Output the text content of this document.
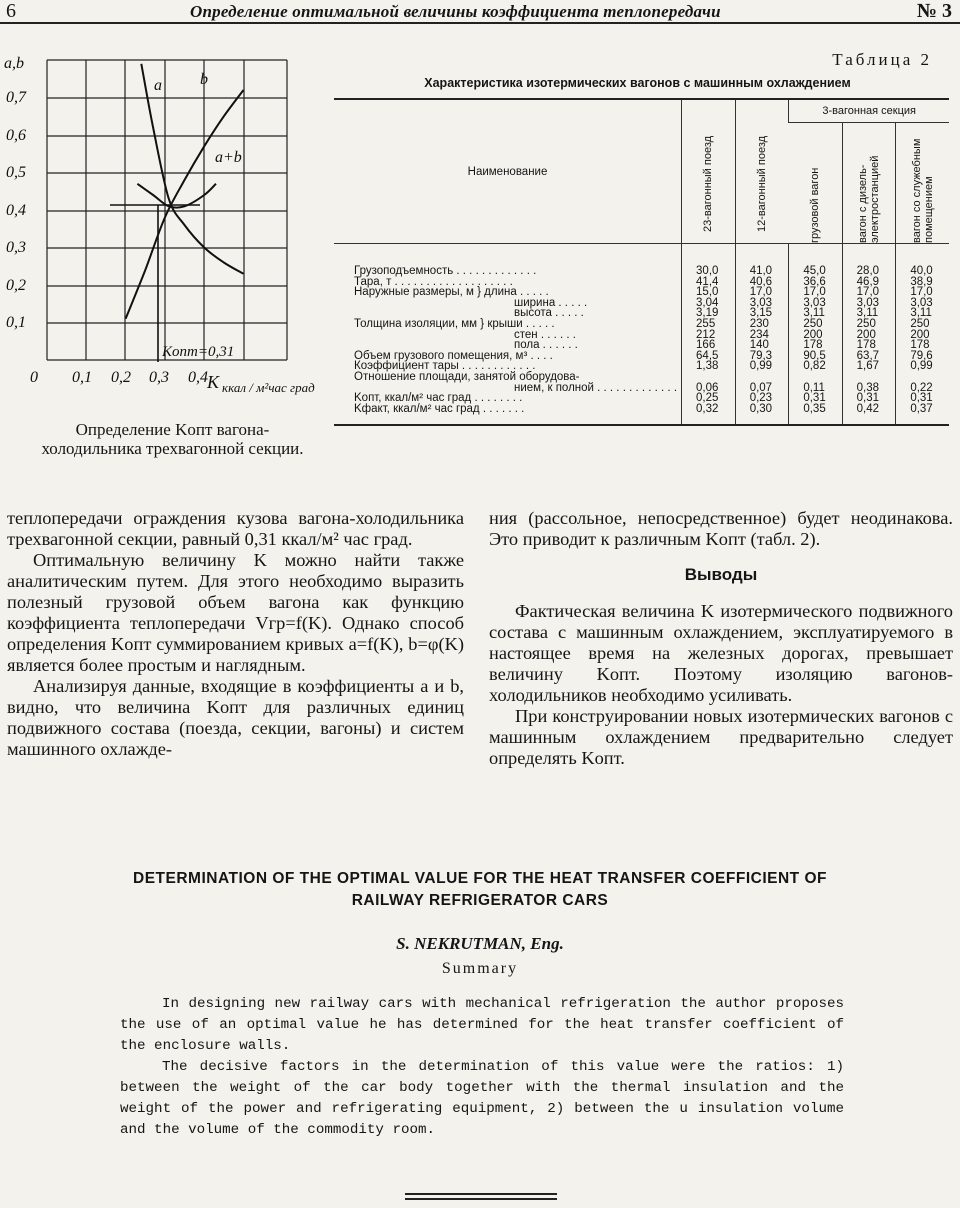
6	Определение оптимальной величины коэффициента теплопередачи	№ 3
a,b
0,7
0,6
0,5
0,4
0,3
0,2
0,1
0 0,1 0,2 0,3 0,4 K ккал / м²час град
a b
a+b
Kопт=0,31
Определение Kопт вагона-холодильника трехвагонной секции.
Таблица 2
Характеристика изотермических вагонов с машинным охлаждением
Наименование	23-вагонный поезд	12-вагонный поезд	3-вагонная секция		

			грузовой вагон	вагон с дизель-электростанцией	вагон со служебным помещением

Грузоподъемность . . . . . . . . . . . . .	30,0	41,0	45,0	28,0	40,0
Тара, т . . . . . . . . . . . . . . . . . . .	41,4	40,6	36,6	46,9	38,9
Наружные размеры, м } длина . . . . .	15,0	17,0	17,0	17,0	17,0
ширина . . . . .	3,04	3,03	3,03	3,03	3,03
высота . . . . .	3,19	3,15	3,11	3,11	3,11
Толщина изоляции, мм } крыши . . . . .	255	230	250	250	250
стен . . . . . .	212	234	200	200	200
пола . . . . . .	166	140	178	178	178
Объем грузового помещения, м³ . . . .	64,5	79,3	90,5	63,7	79,6
Коэффициент тары . . . . . . . . . . . .	1,38	0,99	0,82	1,67	0,99
Отношение площади, занятой оборудова-					
нием, к полной . . . . . . . . . . . . .	0,06	0,07	0,11	0,38	0,22
Kопт, ккал/м² час град . . . . . . . .	0,25	0,23	0,31	0,31	0,31
Kфакт, ккал/м² час град . . . . . . .	0,32	0,30	0,35	0,42	0,37

теплопередачи ограждения кузова вагона-холодильника трехвагонной секции, равный 0,31 ккал/м² час град.

Оптимальную величину K можно найти также аналитическим путем. Для этого необходимо выразить полезный грузовой объем вагона как функцию коэффициента теплопередачи Vгр=f(K). Однако способ определения Kопт суммированием кривых a=f(K), b=φ(K) является более простым и наглядным.

Анализируя данные, входящие в коэффициенты a и b, видно, что величина Kопт для различных единиц подвижного состава (поезда, секции, вагоны) и систем машинного охлажде-

ния (рассольное, непосредственное) будет неодинакова. Это приводит к различным Kопт (табл. 2).

Выводы

Фактическая величина K изотермического подвижного состава с машинным охлаждением, эксплуатируемого в настоящее время на железных дорогах, превышает величину Kопт. Поэтому изоляцию вагонов-холодильников необходимо усиливать.

При конструировании новых изотермических вагонов с машинным охлаждением предварительно следует определять Kопт.

DETERMINATION OF THE OPTIMAL VALUE FOR THE HEAT TRANSFER COEFFICIENT OF RAILWAY REFRIGERATOR CARS
S. NEKRUTMAN, Eng.
Summary

In designing new railway cars with mechanical refrigeration the author proposes the use of an optimal value he has determined for the heat transfer coefficient of the enclosure walls.

The decisive factors in the determination of this value were the ratios: 1) between the weight of the car body together with the thermal insulation and the weight of the power and refrigerating equipment, 2) between the u insulation volume and the volume of the commodity room.
